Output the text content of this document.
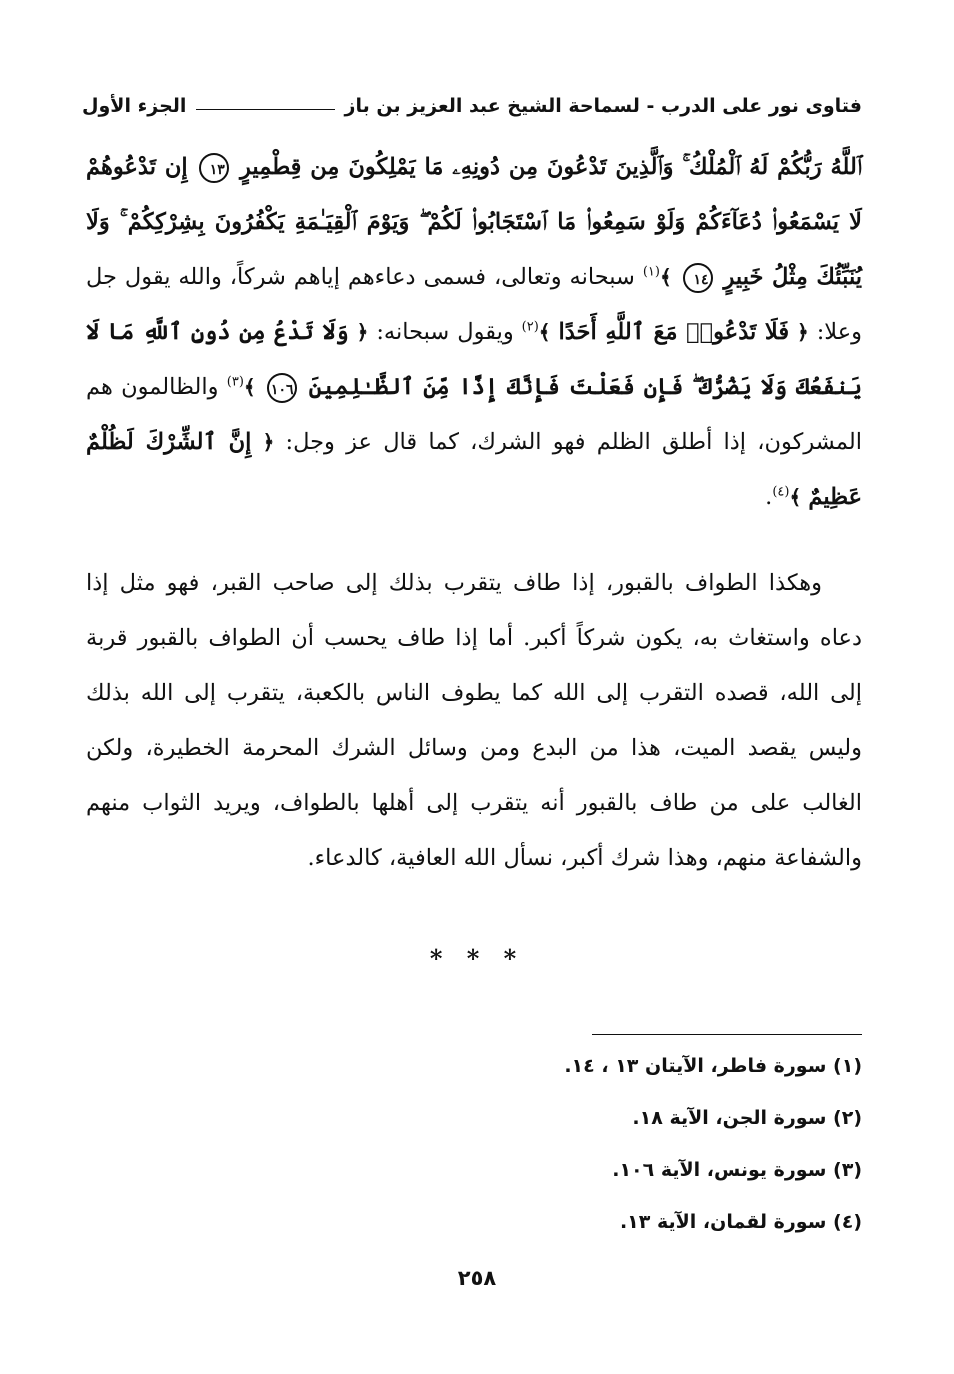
فتاوى نور على الدرب - لسماحة الشيخ عبد العزيز بن باز
الجزء الأول

ٱللَّهُ رَبُّكُمْ لَهُ ٱلْمُلْكُ ۚ وَٱلَّذِينَ تَدْعُونَ مِن دُونِهِۦ مَا يَمْلِكُونَ مِن قِطْمِيرٍ ١٣ إِن تَدْعُوهُمْ لَا يَسْمَعُوا۟ دُعَآءَكُمْ وَلَوْ سَمِعُوا۟ مَا ٱسْتَجَابُوا۟ لَكُمْ ۖ وَيَوْمَ ٱلْقِيَـٰمَةِ يَكْفُرُونَ بِشِرْكِكُمْ ۚ وَلَا يُنَبِّئُكَ مِثْلُ خَبِيرٍ ١٤ ﴾$^{(١)}$ سبحانه وتعالى، فسمى دعاءهم إياهم شركاً، والله يقول جل وعلا: ﴿ فَلَا تَدْعُوا۟ مَعَ ٱللَّهِ أَحَدًا ﴾$^{(٢)}$ ويقول سبحانه: ﴿ وَلَا تَدْعُ مِن دُونِ ٱللَّهِ مَا لَا يَنفَعُكَ وَلَا يَضُرُّكَ ۖ فَإِن فَعَلْتَ فَإِنَّكَ إِذًا مِّنَ ٱلظَّـٰلِمِينَ ١٠٦ ﴾$^{(٣)}$ والظالمون هم المشركون، إذا أطلق الظلم فهو الشرك، كما قال عز وجل: ﴿ إِنَّ ٱلشِّرْكَ لَظُلْمٌ عَظِيمٌ ﴾$^{(٤)}$.

وهكذا الطواف بالقبور، إذا طاف يتقرب بذلك إلى صاحب القبر، فهو مثل إذا دعاه واستغاث به، يكون شركاً أكبر. أما إذا طاف يحسب أن الطواف بالقبور قربة إلى الله، قصده التقرب إلى الله كما يطوف الناس بالكعبة، يتقرب إلى الله بذلك وليس يقصد الميت، هذا من البدع ومن وسائل الشرك المحرمة الخطيرة، ولكن الغالب على من طاف بالقبور أنه يتقرب إلى أهلها بالطواف، ويريد الثواب منهم والشفاعة منهم، وهذا شرك أكبر، نسأل الله العافية، كالدعاء.

* * *
(١) سورة فاطر، الآيتان ١٣ ، ١٤.
(٢) سورة الجن، الآية ١٨.
(٣) سورة يونس، الآية ١٠٦.
(٤) سورة لقمان، الآية ١٣.
٢٥٨
